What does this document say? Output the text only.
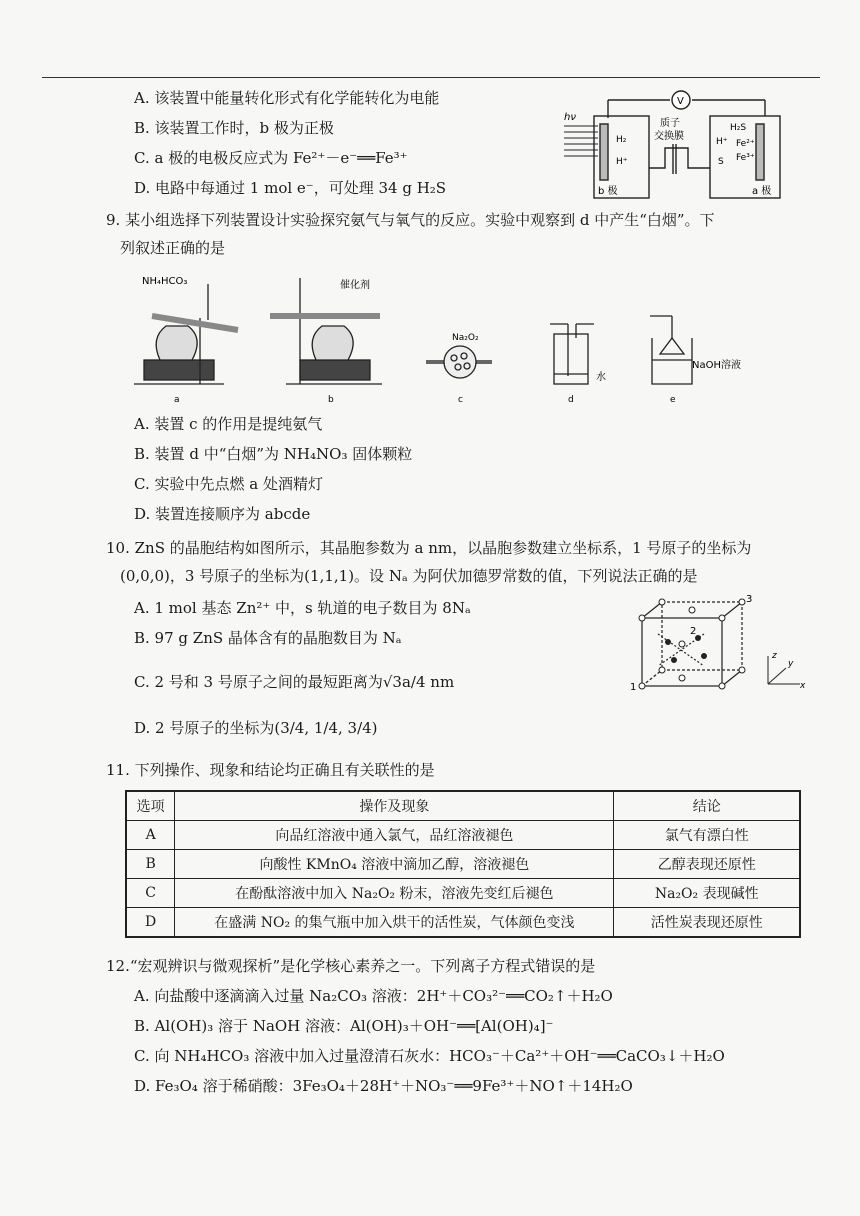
A. 该装置中能量转化形式有化学能转化为电能
B. 该装置工作时，b 极为正极
C. a 极的电极反应式为 Fe²⁺－e⁻══Fe³⁺
D. 电路中每通过 1 mol e⁻，可处理 34 g H₂S
V
hν
质子
交换膜
H₂
H⁺
H₂S
Fe²⁺
H⁺
S Fe³⁺
b 极	a 极
9. 某小组选择下列装置设计实验探究氨气与氧气的反应。实验中观察到 d 中产生“白烟”。下
列叙述正确的是
NH₄HCO₃
a
催化剂
b
Na₂O₂
c
水
d
NaOH溶液
e
A. 装置 c 的作用是提纯氨气
B. 装置 d 中“白烟”为 NH₄NO₃ 固体颗粒
C. 实验中先点燃 a 处酒精灯
D. 装置连接顺序为 abcde
10. ZnS 的晶胞结构如图所示，其晶胞参数为 a nm，以晶胞参数建立坐标系，1 号原子的坐标为
(0,0,0)，3 号原子的坐标为(1,1,1)。设 Nₐ 为阿伏加德罗常数的值，下列说法正确的是
A. 1 mol 基态 Zn²⁺ 中，s 轨道的电子数目为 8Nₐ
B. 97 g ZnS 晶体含有的晶胞数目为 Nₐ
C. 2 号和 3 号原子之间的最短距离为√3a/4 nm
D. 2 号原子的坐标为(3/4, 1/4, 3/4)
1
2
3
x
y
z
11. 下列操作、现象和结论均正确且有关联性的是
选项	操作及现象	结论
A	向品红溶液中通入氯气，品红溶液褪色	氯气有漂白性
B	向酸性 KMnO₄ 溶液中滴加乙醇，溶液褪色	乙醇表现还原性
C	在酚酞溶液中加入 Na₂O₂ 粉末，溶液先变红后褪色	Na₂O₂ 表现碱性
D	在盛满 NO₂ 的集气瓶中加入烘干的活性炭，气体颜色变浅	活性炭表现还原性
12.“宏观辨识与微观探析”是化学核心素养之一。下列离子方程式错误的是
A. 向盐酸中逐滴滴入过量 Na₂CO₃ 溶液：2H⁺＋CO₃²⁻══CO₂↑＋H₂O
B. Al(OH)₃ 溶于 NaOH 溶液：Al(OH)₃＋OH⁻══[Al(OH)₄]⁻
C. 向 NH₄HCO₃ 溶液中加入过量澄清石灰水：HCO₃⁻＋Ca²⁺＋OH⁻══CaCO₃↓＋H₂O
D. Fe₃O₄ 溶于稀硝酸：3Fe₃O₄＋28H⁺＋NO₃⁻══9Fe³⁺＋NO↑＋14H₂O
